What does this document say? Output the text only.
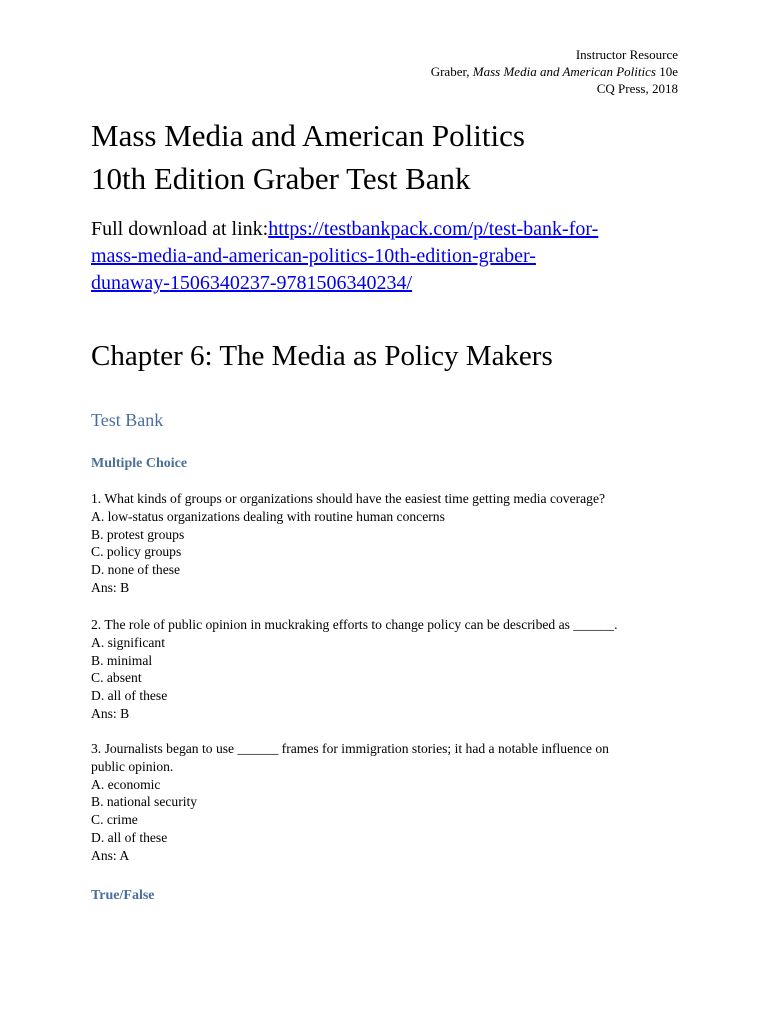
Instructor Resource
Graber, Mass Media and American Politics 10e
CQ Press, 2018
Mass Media and American Politics
10th Edition Graber Test Bank
Full download at link:https://testbankpack.com/p/test-bank-for-
mass-media-and-american-politics-10th-edition-graber-
dunaway-1506340237-9781506340234/
Chapter 6: The Media as Policy Makers
Test Bank
Multiple Choice
1. What kinds of groups or organizations should have the easiest time getting media coverage?
A. low-status organizations dealing with routine human concerns
B. protest groups
C. policy groups
D. none of these
Ans: B
2. The role of public opinion in muckraking efforts to change policy can be described as ______.
A. significant
B. minimal
C. absent
D. all of these
Ans: B
3. Journalists began to use ______ frames for immigration stories; it had a notable influence on
public opinion.
A. economic
B. national security
C. crime
D. all of these
Ans: A
True/False
